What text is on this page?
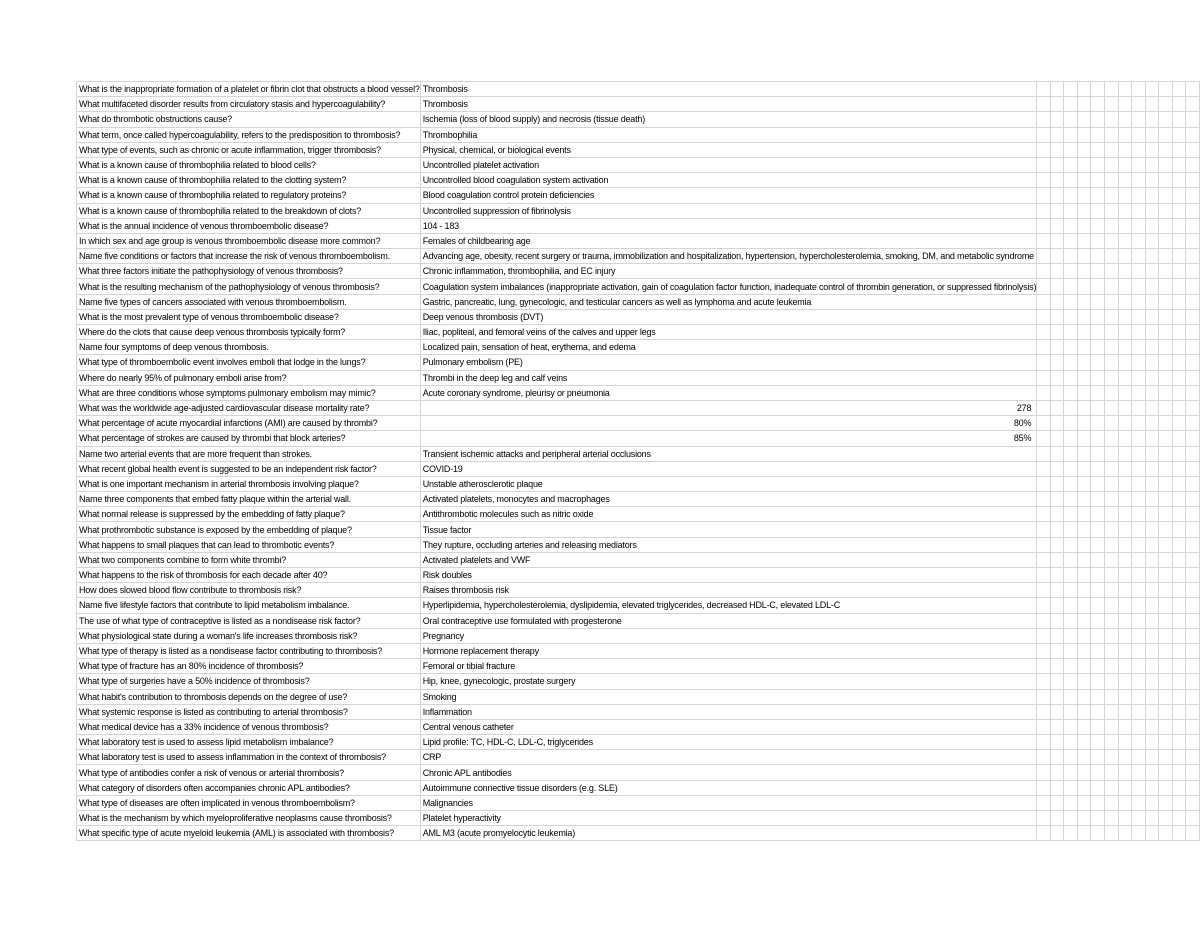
What is the inappropriate formation of a platelet or fibrin clot that obstructs a blood vessel?	Thrombosis												
What multifaceted disorder results from circulatory stasis and hypercoagulability?	Thrombosis												
What do thrombotic obstructions cause?	Ischemia (loss of blood supply) and necrosis (tissue death)												
What term, once called hypercoagulability, refers to the predisposition to thrombosis?	Thrombophilia												
What type of events, such as chronic or acute inflammation, trigger thrombosis?	Physical, chemical, or biological events												
What is a known cause of thrombophilia related to blood cells?	Uncontrolled platelet activation												
What is a known cause of thrombophilia related to the clotting system?	Uncontrolled blood coagulation system activation												
What is a known cause of thrombophilia related to regulatory proteins?	Blood coagulation control protein deficiencies												
What is a known cause of thrombophilia related to the breakdown of clots?	Uncontrolled suppression of fibrinolysis												
What is the annual incidence of venous thromboembolic disease?	104 - 183												
In which sex and age group is venous thromboembolic disease more common?	Females of childbearing age												
Name five conditions or factors that increase the risk of venous thromboembolism.	Advancing age, obesity, recent surgery or trauma, immobilization and hospitalization, hypertension, hypercholesterolemia, smoking, DM, and metabolic syndrome												
What three factors initiate the pathophysiology of venous thrombosis?	Chronic inflammation, thrombophilia, and EC injury												
What is the resulting mechanism of the pathophysiology of venous thrombosis?	Coagulation system imbalances (inappropriate activation, gain of coagulation factor function, inadequate control of thrombin generation, or suppressed fibrinolysis)												
Name five types of cancers associated with venous thromboembolism.	Gastric, pancreatic, lung, gynecologic, and testicular cancers as well as lymphoma and acute leukemia												
What is the most prevalent type of venous thromboembolic disease?	Deep venous thrombosis (DVT)												
Where do the clots that cause deep venous thrombosis typically form?	Iliac, popliteal, and femoral veins of the calves and upper legs												
Name four symptoms of deep venous thrombosis.	Localized pain, sensation of heat, erythema, and edema												
What type of thromboembolic event involves emboli that lodge in the lungs?	Pulmonary embolism (PE)												
Where do nearly 95% of pulmonary emboli arise from?	Thrombi in the deep leg and calf veins												
What are three conditions whose symptoms pulmonary embolism may mimic?	Acute coronary syndrome, pleurisy or pneumonia												
What was the worldwide age-adjusted cardiovascular disease mortality rate?	278												
What percentage of acute myocardial infarctions (AMI) are caused by thrombi?	80%												
What percentage of strokes are caused by thrombi that block arteries?	85%												
Name two arterial events that are more frequent than strokes.	Transient ischemic attacks and peripheral arterial occlusions												
What recent global health event is suggested to be an independent risk factor?	COVID-19												
What is one important mechanism in arterial thrombosis involving plaque?	Unstable atherosclerotic plaque												
Name three components that embed fatty plaque within the arterial wall.	Activated platelets, monocytes and macrophages												
What normal release is suppressed by the embedding of fatty plaque?	Antithrombotic molecules such as nitric oxide												
What prothrombotic substance is exposed by the embedding of plaque?	Tissue factor												
What happens to small plaques that can lead to thrombotic events?	They rupture, occluding arteries and releasing mediators												
What two components combine to form white thrombi?	Activated platelets and VWF												
What happens to the risk of thrombosis for each decade after 40?	Risk doubles												
How does slowed blood flow contribute to thrombosis risk?	Raises thrombosis risk												
Name five lifestyle factors that contribute to lipid metabolism imbalance.	Hyperlipidemia, hypercholesterolemia, dyslipidemia, elevated triglycerides, decreased HDL-C, elevated LDL-C												
The use of what type of contraceptive is listed as a nondisease risk factor?	Oral contraceptive use formulated with progesterone												
What physiological state during a woman's life increases thrombosis risk?	Pregnancy												
What type of therapy is listed as a nondisease factor contributing to thrombosis?	Hormone replacement therapy												
What type of fracture has an 80% incidence of thrombosis?	Femoral or tibial fracture												
What type of surgeries have a 50% incidence of thrombosis?	Hip, knee, gynecologic, prostate surgery												
What habit's contribution to thrombosis depends on the degree of use?	Smoking												
What systemic response is listed as contributing to arterial thrombosis?	Inflammation												
What medical device has a 33% incidence of venous thrombosis?	Central venous catheter												
What laboratory test is used to assess lipid metabolism imbalance?	Lipid profile: TC, HDL-C, LDL-C, triglycerides												
What laboratory test is used to assess inflammation in the context of thrombosis?	CRP												
What type of antibodies confer a risk of venous or arterial thrombosis?	Chronic APL antibodies												
What category of disorders often accompanies chronic APL antibodies?	Autoimmune connective tissue disorders (e.g. SLE)												
What type of diseases are often implicated in venous thromboembolism?	Malignancies												
What is the mechanism by which myeloproliferative neoplasms cause thrombosis?	Platelet hyperactivity												
What specific type of acute myeloid leukemia (AML) is associated with thrombosis?	AML M3 (acute promyelocytic leukemia)												
